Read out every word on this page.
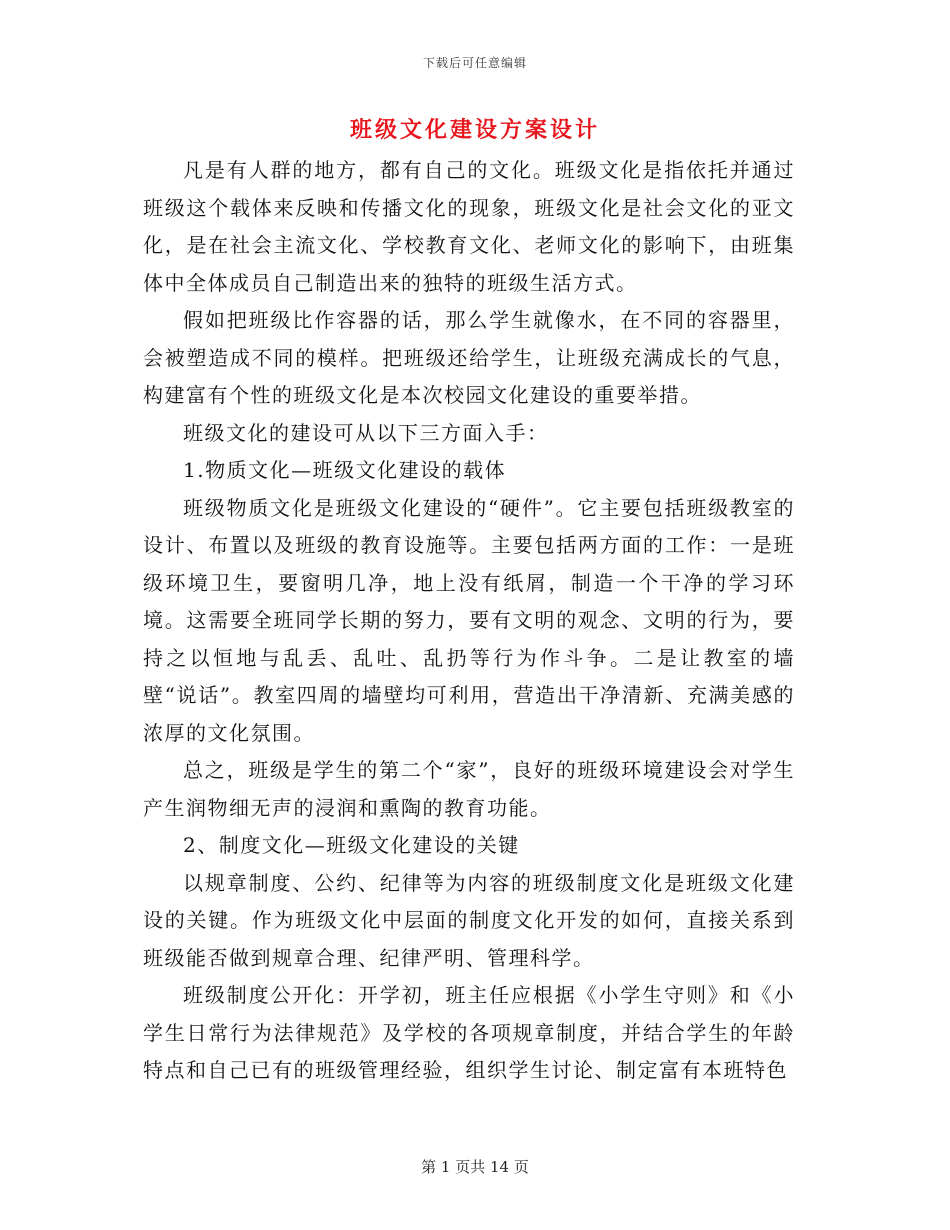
下载后可任意编辑
班级文化建设方案设计

凡是有人群的地方，都有自己的文化。班级文化是指依托并通过班级这个载体来反映和传播文化的现象，班级文化是社会文化的亚文化，是在社会主流文化、学校教育文化、老师文化的影响下，由班集体中全体成员自己制造出来的独特的班级生活方式。

假如把班级比作容器的话，那么学生就像水，在不同的容器里，会被塑造成不同的模样。把班级还给学生，让班级充满成长的气息，构建富有个性的班级文化是本次校园文化建设的重要举措。

班级文化的建设可从以下三方面入手：

1.物质文化—班级文化建设的载体

班级物质文化是班级文化建设的“硬件”。它主要包括班级教室的设计、布置以及班级的教育设施等。主要包括两方面的工作：一是班级环境卫生，要窗明几净，地上没有纸屑，制造一个干净的学习环境。这需要全班同学长期的努力，要有文明的观念、文明的行为，要持之以恒地与乱丢、乱吐、乱扔等行为作斗争。二是让教室的墙壁“说话”。教室四周的墙壁均可利用，营造出干净清新、充满美感的浓厚的文化氛围。

总之，班级是学生的第二个“家”，良好的班级环境建设会对学生产生润物细无声的浸润和熏陶的教育功能。

2、制度文化—班级文化建设的关键

以规章制度、公约、纪律等为内容的班级制度文化是班级文化建设的关键。作为班级文化中层面的制度文化开发的如何，直接关系到班级能否做到规章合理、纪律严明、管理科学。

班级制度公开化：开学初，班主任应根据《小学生守则》和《小学生日常行为法律规范》及学校的各项规章制度，并结合学生的年龄特点和自己已有的班级管理经验，组织学生讨论、制定富有本班特色

第 1 页共 14 页
